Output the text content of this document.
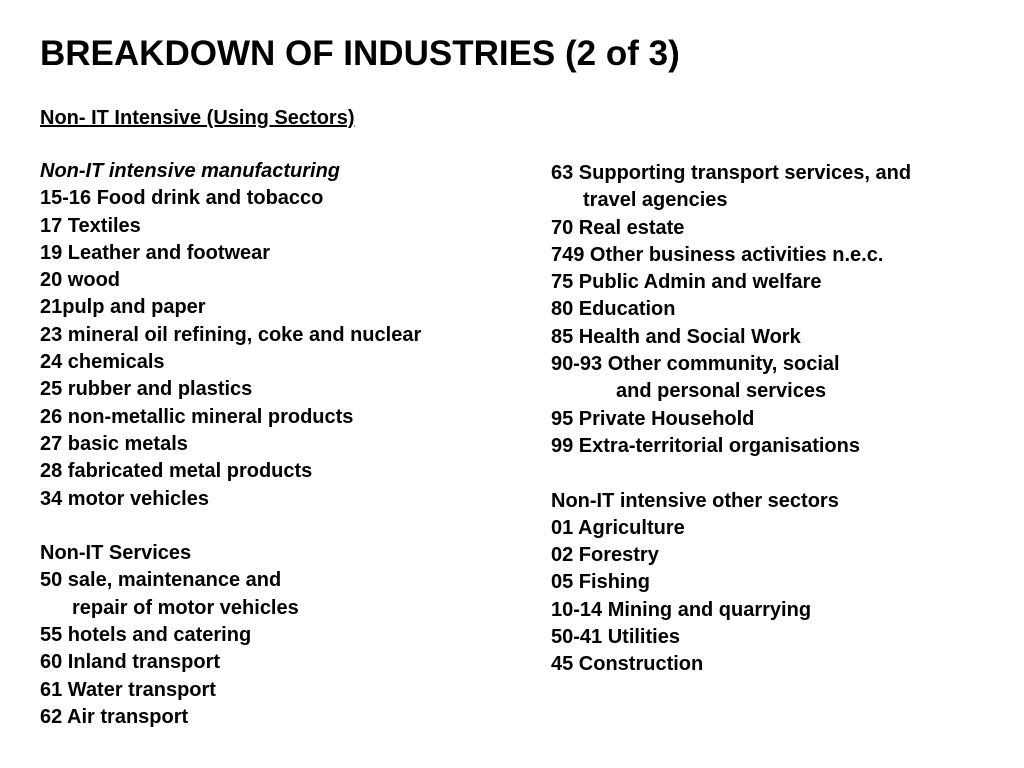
BREAKDOWN OF INDUSTRIES (2 of 3)
Non- IT Intensive (Using Sectors)
Non-IT intensive manufacturing
15-16 Food drink and tobacco
17 Textiles
19 Leather and footwear
20 wood
21pulp and paper
23 mineral oil refining, coke and nuclear
24 chemicals
25 rubber and plastics
26 non-metallic mineral products
27 basic metals
28 fabricated metal products
34 motor vehicles
Non-IT Services
50 sale, maintenance and
repair of motor vehicles
55 hotels and catering
60 Inland transport
61 Water transport
62 Air transport
63 Supporting transport services, and
travel agencies
70 Real estate
749 Other business activities n.e.c.
75 Public Admin and welfare
80 Education
85 Health and Social Work
90-93 Other community, social
and personal services
95 Private Household
99 Extra-territorial organisations
Non-IT intensive other sectors
01 Agriculture
02 Forestry
05 Fishing
10-14 Mining and quarrying
50-41 Utilities
45 Construction
